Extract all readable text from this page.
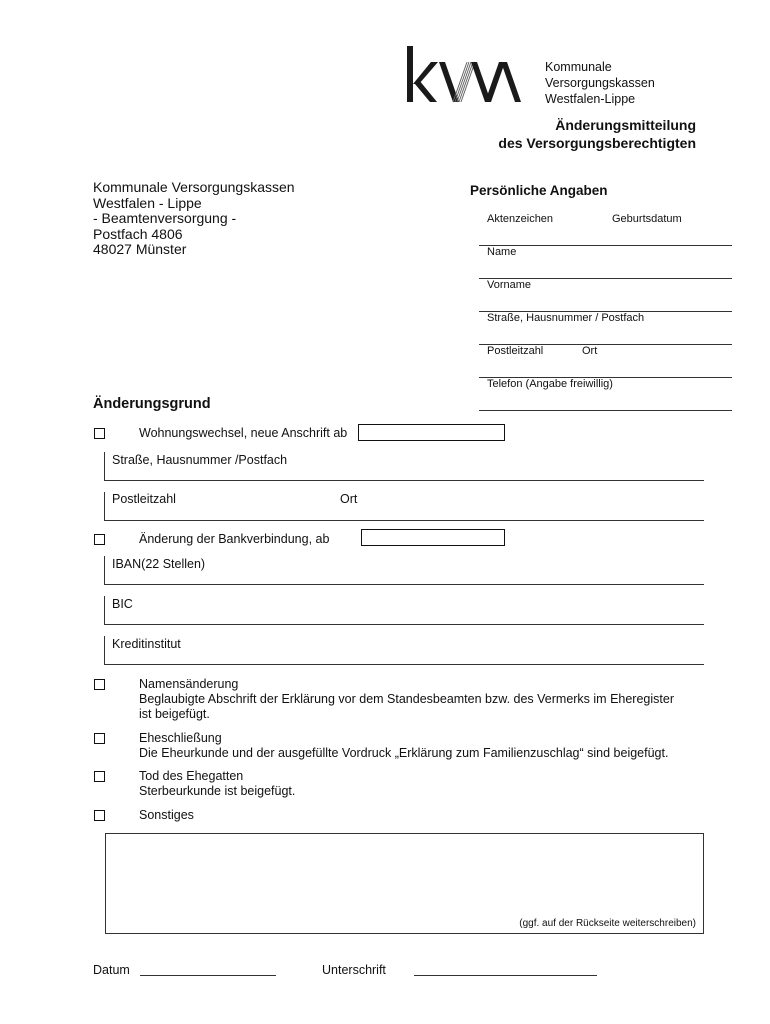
Kommunale
Versorgungskassen
Westfalen-Lippe
Änderungsmitteilung
des Versorgungsberechtigten
Kommunale Versorgungskassen
Westfalen - Lippe
- Beamtenversorgung -
Postfach 4806
48027 Münster
Persönliche Angaben
Aktenzeichen	Geburtsdatum
Name
Vorname
Straße, Hausnummer / Postfach
Postleitzahl	Ort
Telefon (Angabe freiwillig)
Änderungsgrund
Wohnungswechsel, neue Anschrift ab
Straße, Hausnummer /Postfach
Postleitzahl	Ort
Änderung der Bankverbindung, ab
IBAN(22 Stellen)
BIC
Kreditinstitut
Namensänderung
Beglaubigte Abschrift der Erklärung vor dem Standesbeamten bzw. des Vermerks im Eheregister
ist beigefügt.
Eheschließung
Die Eheurkunde und der ausgefüllte Vordruck „Erklärung zum Familienzuschlag“ sind beigefügt.
Tod des Ehegatten
Sterbeurkunde ist beigefügt.
Sonstiges
(ggf. auf der Rückseite weiterschreiben)
Datum	Unterschrift
